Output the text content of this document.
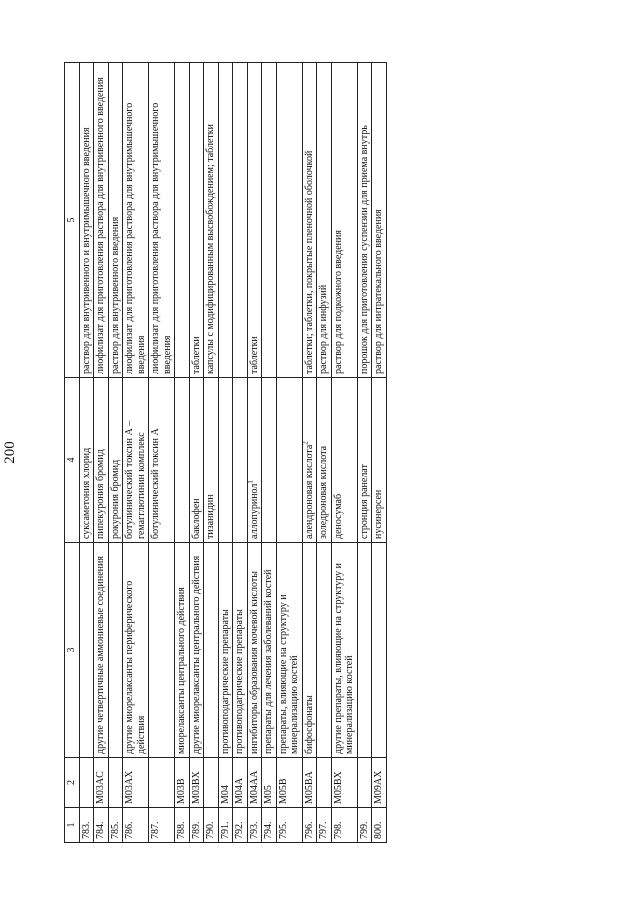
200
1	2	3	4	5
783.			суксаметония хлорид	раствор для внутривенного и внутримышечного введения
784.	M03AC	другие четвертичные аммониевые соединения	пипекурония бромид	лиофилизат для приготовления раствора для внутривенного введения
785.			рокурония бромид	раствор для внутривенного введения
786.	M03AX	другие миорелаксанты периферического действия	ботулинический токсин А – гемагглютинин комплекс	лиофилизат для приготовления раствора для внутримышечного введения
787.			ботулинический токсин А	лиофилизат для приготовления раствора для внутримышечного введения
788.	M03B	миорелаксанты центрального действия		
789.	M03BX	другие миорелаксанты центрального действия	баклофен	таблетки
790.			тизанидин	капсулы с модифицированным высвобождением; таблетки
791.	M04	противоподагрические препараты		
792.	M04A	противоподагрические препараты		
793.	M04AA	ингибиторы образования мочевой кислоты	аллопуринол$^1$	таблетки
794.	M05	препараты для лечения заболеваний костей		
795.	M05B	препараты, влияющие на структуру и минерализацию костей		
796.	M05BA	бифосфонаты	алендроновая кислота$^2$	таблетки; таблетки, покрытые пленочной оболочкой
797.			золедроновая кислота	раствор для инфузий
798.	M05BX	другие препараты, влияющие на структуру и минерализацию костей	деносумаб	раствор для подкожного введения
799.			стронция ранелат	порошок для приготовления суспензии для приема внутрь
800.	M09AX		нусинерсен	раствор для интратекального введения
